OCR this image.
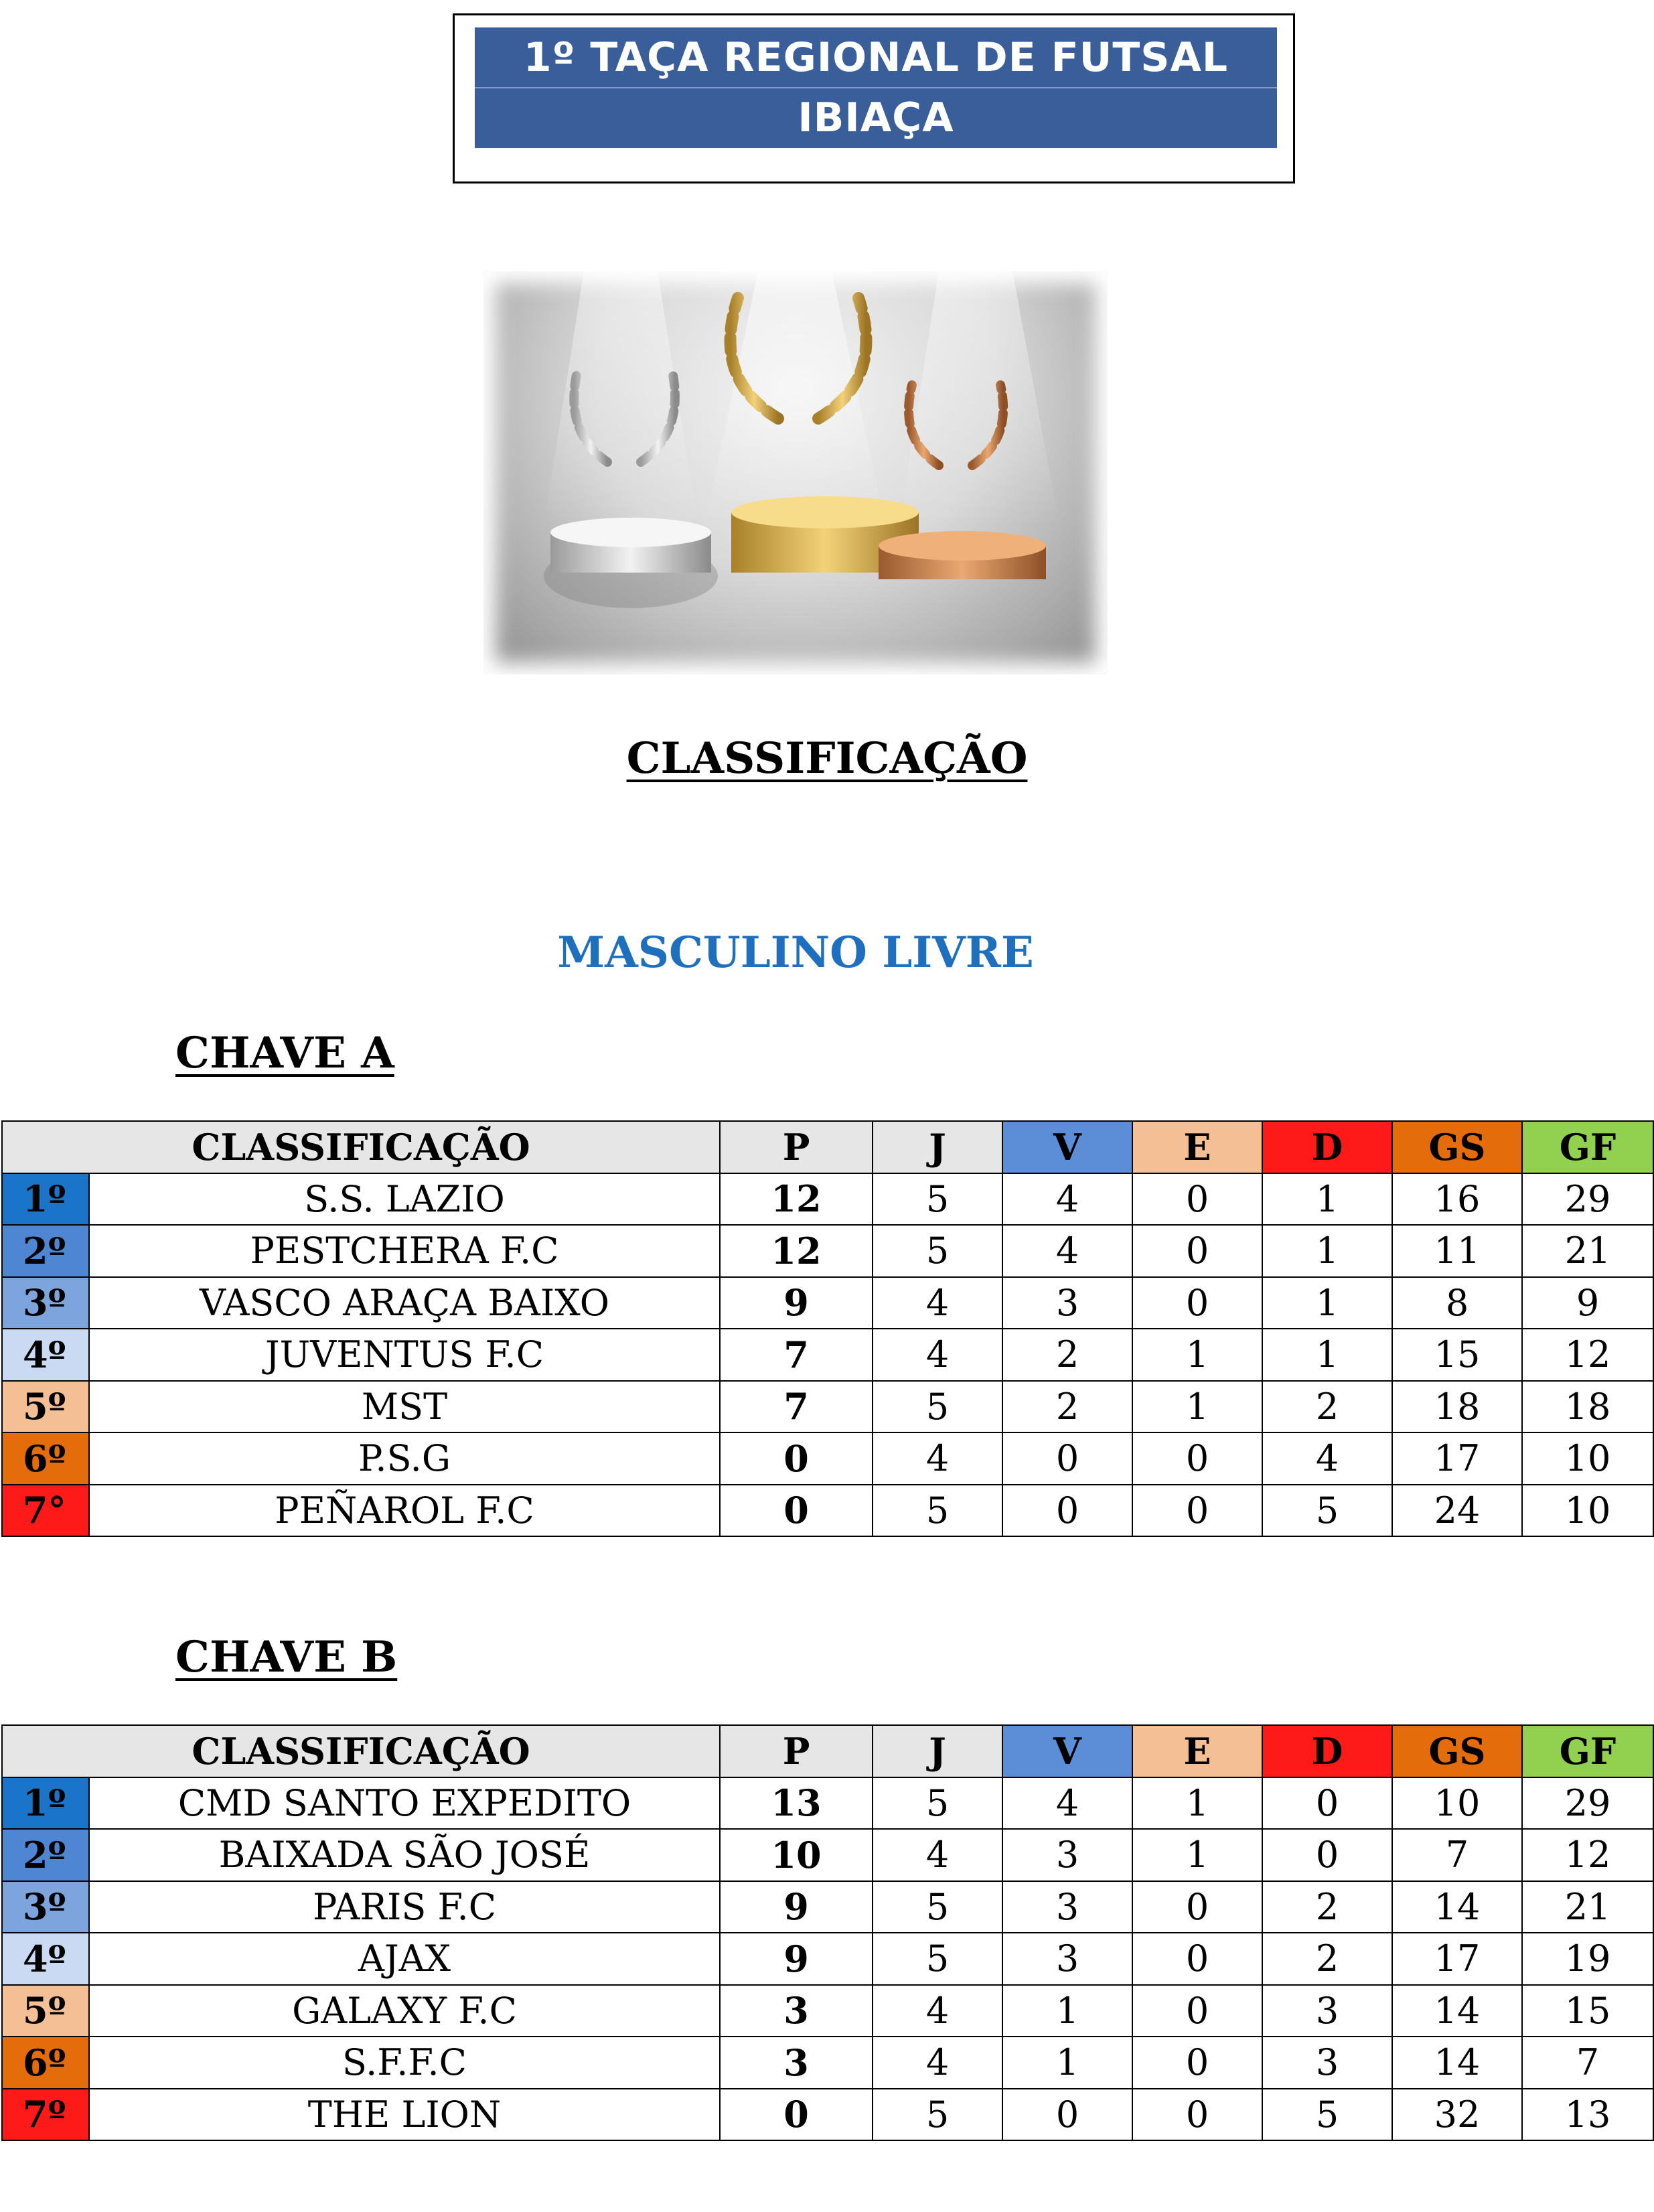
1º TAÇA REGIONAL DE FUTSAL
IBIAÇA
CLASSIFICAÇÃO
MASCULINO LIVRE
CHAVE A
CLASSIFICAÇÃO		P	J	V	E	D	GS	GF
1º	S.S. LAZIO	12	5	4	0	1	16	29
2º	PESTCHERA F.C	12	5	4	0	1	11	21
3º	VASCO ARAÇA BAIXO	9	4	3	0	1	8	9
4º	JUVENTUS F.C	7	4	2	1	1	15	12
5º	MST	7	5	2	1	2	18	18
6º	P.S.G	0	4	0	0	4	17	10
7°	PEÑAROL F.C	0	5	0	0	5	24	10
CHAVE B
CLASSIFICAÇÃO		P	J	V	E	D	GS	GF
1º	CMD SANTO EXPEDITO	13	5	4	1	0	10	29
2º	BAIXADA SÃO JOSÉ	10	4	3	1	0	7	12
3º	PARIS F.C	9	5	3	0	2	14	21
4º	AJAX	9	5	3	0	2	17	19
5º	GALAXY F.C	3	4	1	0	3	14	15
6º	S.F.F.C	3	4	1	0	3	14	7
7º	THE LION	0	5	0	0	5	32	13
